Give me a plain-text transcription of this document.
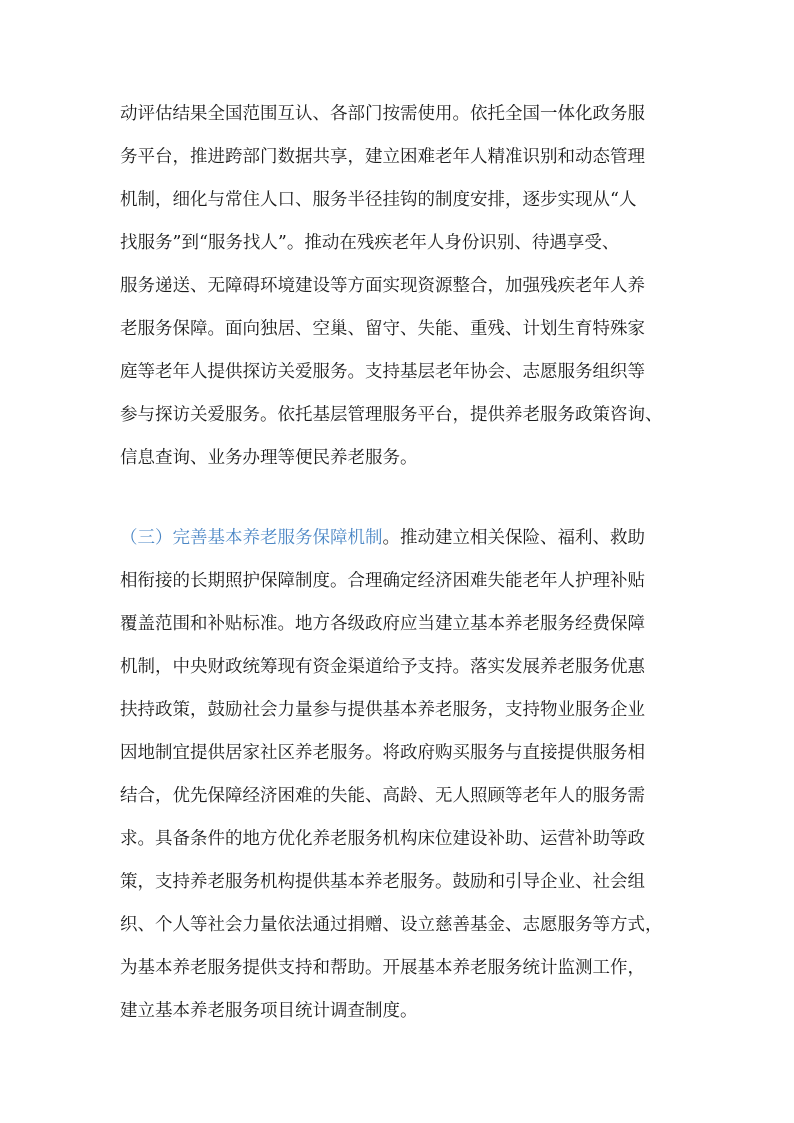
动评估结果全国范围互认、各部门按需使用。依托全国一体化政务服
务平台，推进跨部门数据共享，建立困难老年人精准识别和动态管理
机制，细化与常住人口、服务半径挂钩的制度安排，逐步实现从“人
找服务”到“服务找人”。推动在残疾老年人身份识别、待遇享受、
服务递送、无障碍环境建设等方面实现资源整合，加强残疾老年人养
老服务保障。面向独居、空巢、留守、失能、重残、计划生育特殊家
庭等老年人提供探访关爱服务。支持基层老年协会、志愿服务组织等
参与探访关爱服务。依托基层管理服务平台，提供养老服务政策咨询、
信息查询、业务办理等便民养老服务。
（三）完善基本养老服务保障机制。推动建立相关保险、福利、救助
相衔接的长期照护保障制度。合理确定经济困难失能老年人护理补贴
覆盖范围和补贴标准。地方各级政府应当建立基本养老服务经费保障
机制，中央财政统筹现有资金渠道给予支持。落实发展养老服务优惠
扶持政策，鼓励社会力量参与提供基本养老服务，支持物业服务企业
因地制宜提供居家社区养老服务。将政府购买服务与直接提供服务相
结合，优先保障经济困难的失能、高龄、无人照顾等老年人的服务需
求。具备条件的地方优化养老服务机构床位建设补助、运营补助等政
策，支持养老服务机构提供基本养老服务。鼓励和引导企业、社会组
织、个人等社会力量依法通过捐赠、设立慈善基金、志愿服务等方式，
为基本养老服务提供支持和帮助。开展基本养老服务统计监测工作，
建立基本养老服务项目统计调查制度。
